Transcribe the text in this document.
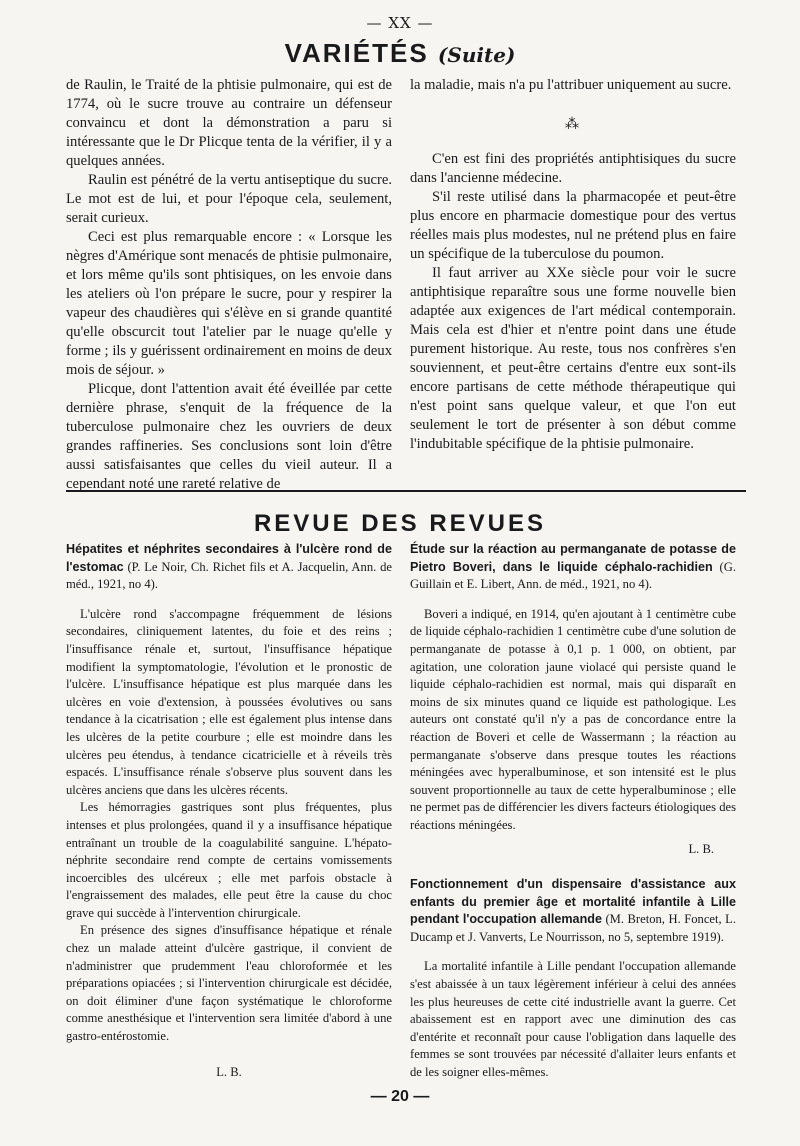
— XX —
VARIÉTÉS (Suite)

de Raulin, le Traité de la phtisie pulmonaire, qui est de 1774, où le sucre trouve au contraire un défenseur convaincu et dont la démonstration a paru si intéressante que le Dr Plicque tenta de la vérifier, il y a quelques années.

Raulin est pénétré de la vertu antiseptique du sucre. Le mot est de lui, et pour l'époque cela, seulement, serait curieux.

Ceci est plus remarquable encore : « Lorsque les nègres d'Amérique sont menacés de phtisie pulmonaire, et lors même qu'ils sont phtisiques, on les envoie dans les ateliers où l'on prépare le sucre, pour y respirer la vapeur des chaudières qui s'élève en si grande quantité qu'elle obscurcit tout l'atelier par le nuage qu'elle y forme ; ils y guérissent ordinairement en moins de deux mois de séjour. »

Plicque, dont l'attention avait été éveillée par cette dernière phrase, s'enquit de la fréquence de la tuberculose pulmonaire chez les ouvriers de deux grandes raffineries. Ses conclusions sont loin d'être aussi satisfaisantes que celles du vieil auteur. Il a cependant noté une rareté relative de

la maladie, mais n'a pu l'attribuer uniquement au sucre.

⁂

C'en est fini des propriétés antiphtisiques du sucre dans l'ancienne médecine.

S'il reste utilisé dans la pharmacopée et peut-être plus encore en pharmacie domestique pour des vertus réelles mais plus modestes, nul ne prétend plus en faire un spécifique de la tuberculose du poumon.

Il faut arriver au XXe siècle pour voir le sucre antiphtisique reparaître sous une forme nouvelle bien adaptée aux exigences de l'art médical contemporain. Mais cela est d'hier et n'entre point dans une étude purement historique. Au reste, tous nos confrères s'en souviennent, et peut-être certains d'entre eux sont-ils encore partisans de cette méthode thérapeutique qui n'est point sans quelque valeur, et que l'on eut seulement le tort de présenter à son début comme l'indubitable spécifique de la phtisie pulmonaire.

REVUE DES REVUES

Hépatites et néphrites secondaires à l'ulcère rond de l'estomac (P. Le Noir, Ch. Richet fils et A. Jacquelin, Ann. de méd., 1921, no 4).

L'ulcère rond s'accompagne fréquemment de lésions secondaires, cliniquement latentes, du foie et des reins ; l'insuffisance rénale et, surtout, l'insuffisance hépatique modifient la symptomatologie, l'évolution et le pronostic de l'ulcère. L'insuffisance hépatique est plus marquée dans les ulcères en voie d'extension, à poussées évolutives ou sans tendance à la cicatrisation ; elle est également plus intense dans les ulcères de la petite courbure ; elle est moindre dans les ulcères peu étendus, à tendance cicatricielle et à réveils très espacés. L'insuffisance rénale s'observe plus souvent dans les ulcères anciens que dans les ulcères récents.

Les hémorragies gastriques sont plus fréquentes, plus intenses et plus prolongées, quand il y a insuffisance hépatique entraînant un trouble de la coagulabilité sanguine. L'hépato-néphrite secondaire rend compte de certains vomissements incoercibles des ulcéreux ; elle met parfois obstacle à l'engraissement des malades, elle peut être la cause du choc grave qui succède à l'intervention chirurgicale.

En présence des signes d'insuffisance hépatique et rénale chez un malade atteint d'ulcère gastrique, il convient de n'administrer que prudemment l'eau chloroformée et les préparations opiacées ; si l'intervention chirurgicale est décidée, on doit éliminer d'une façon systématique le chloroforme comme anesthésique et l'intervention sera limitée d'abord à une gastro-entérostomie.

L. B.

Étude sur la réaction au permanganate de potasse de Pietro Boveri, dans le liquide céphalo-rachidien (G. Guillain et E. Libert, Ann. de méd., 1921, no 4).

Boveri a indiqué, en 1914, qu'en ajoutant à 1 centimètre cube de liquide céphalo-rachidien 1 centimètre cube d'une solution de permanganate de potasse à 0,1 p. 1 000, on obtient, par agitation, une coloration jaune violacé qui persiste quand le liquide céphalo-rachidien est normal, mais qui disparaît en moins de six minutes quand ce liquide est pathologique. Les auteurs ont constaté qu'il n'y a pas de concordance entre la réaction de Boveri et celle de Wassermann ; la réaction au permanganate s'observe dans presque toutes les réactions méningées avec hyperalbuminose, et son intensité est le plus souvent proportionnelle au taux de cette hyperalbuminose ; elle ne permet pas de différencier les divers facteurs étiologiques des réactions méningées.

L. B.

Fonctionnement d'un dispensaire d'assistance aux enfants du premier âge et mortalité infantile à Lille pendant l'occupation allemande (M. Breton, H. Foncet, L. Ducamp et J. Vanverts, Le Nourrisson, no 5, septembre 1919).

La mortalité infantile à Lille pendant l'occupation allemande s'est abaissée à un taux légèrement inférieur à celui des années les plus heureuses de cette cité industrielle avant la guerre. Cet abaissement est en rapport avec une diminution des cas d'entérite et reconnaît pour cause l'obligation dans laquelle des femmes se sont trouvées par nécessité d'allaiter leurs enfants et de les soigner elles-mêmes.

— 20 —
